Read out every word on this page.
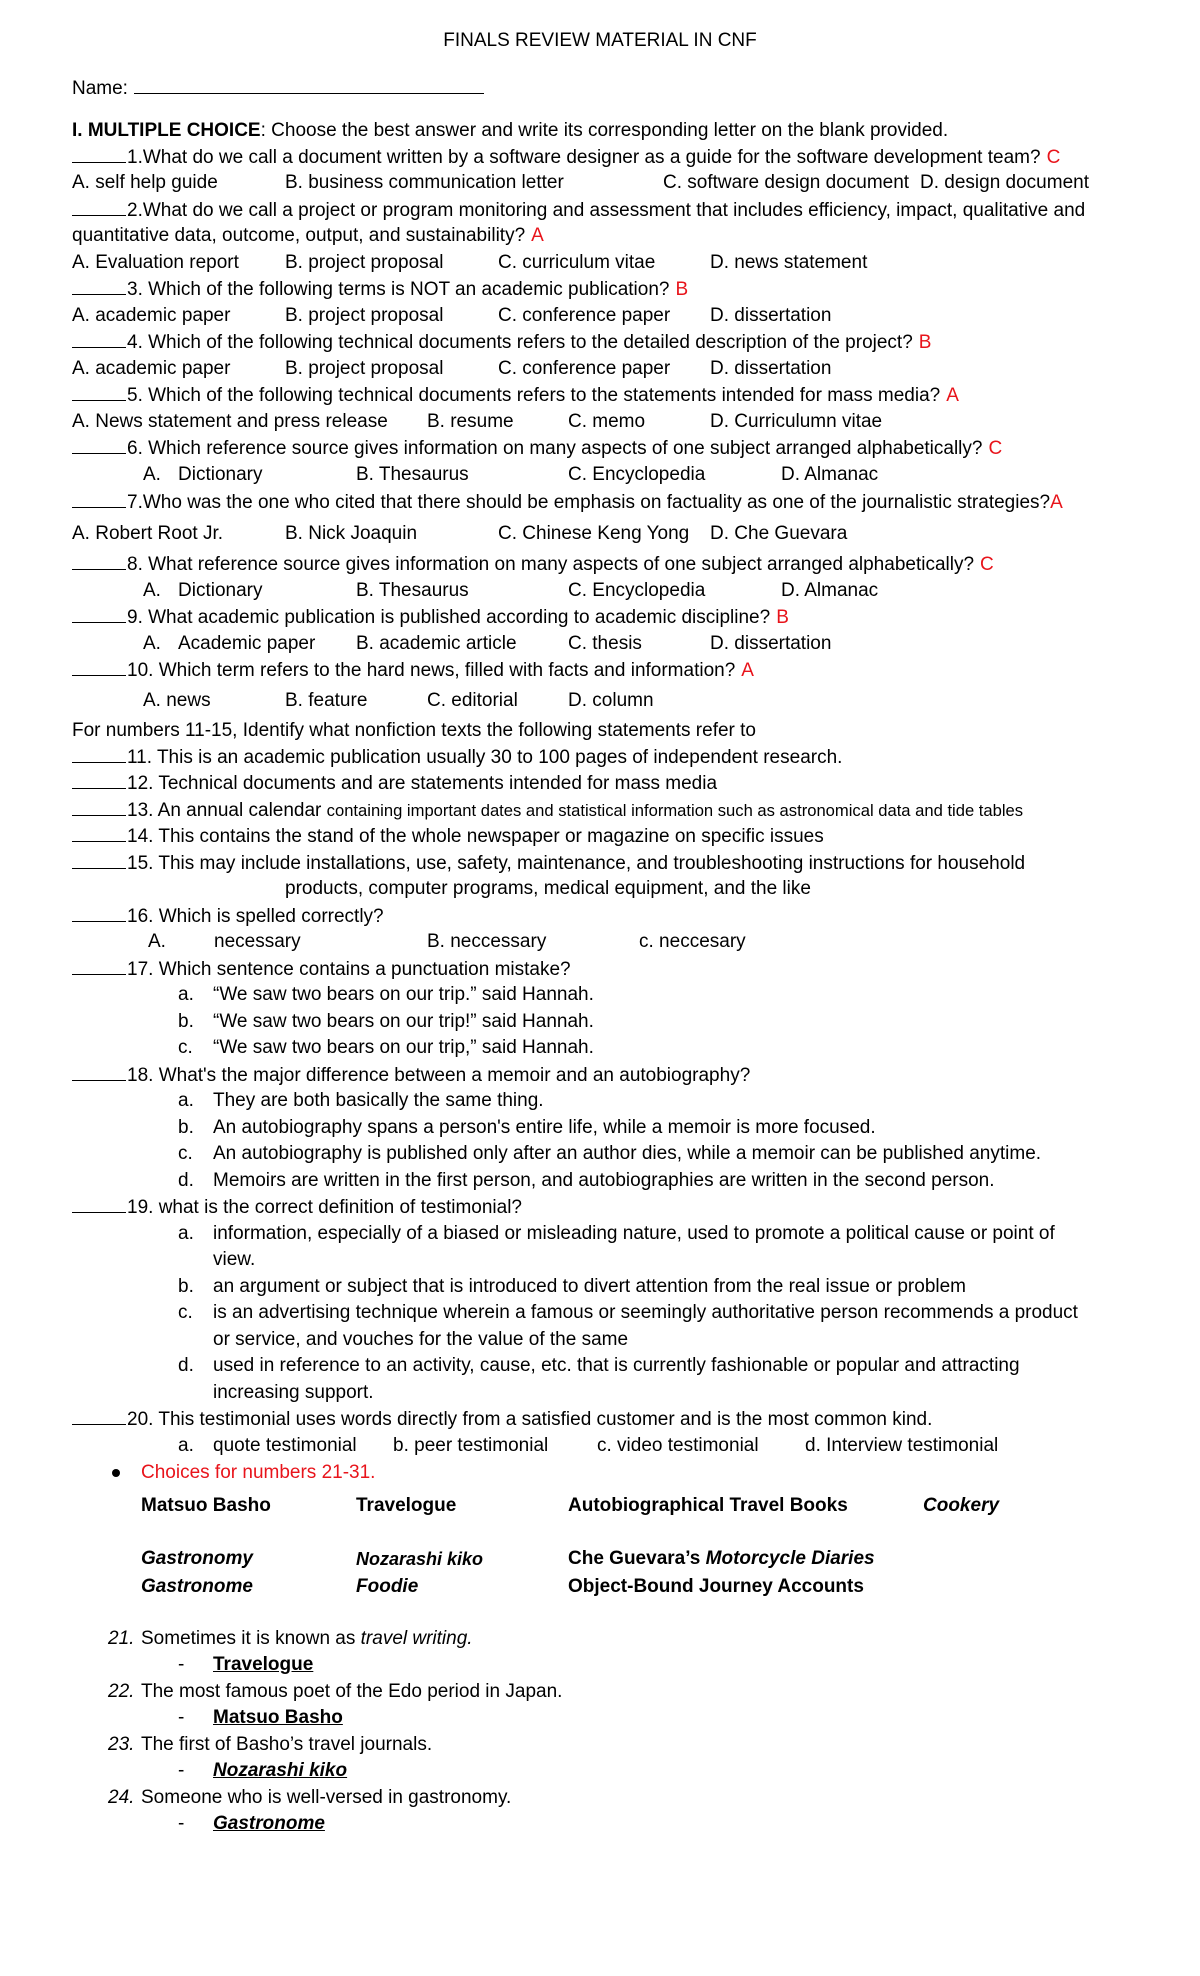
FINALS REVIEW MATERIAL IN CNF
Name:
I. MULTIPLE CHOICE: Choose the best answer and write its corresponding letter on the blank provided.
1.What do we call a document written by a software designer as a guide for the software development team? C
A. self help guide	B. business communication letter	C. software design document D. design document
2.What do we call a project or program monitoring and assessment that includes efficiency, impact, qualitative and
quantitative data, outcome, output, and sustainability? A
A. Evaluation report B. project proposal	C. curriculum vitae	D. news statement
3. Which of the following terms is NOT an academic publication? B
A. academic paper	B. project proposal	C. conference paper D. dissertation
4. Which of the following technical documents refers to the detailed description of the project? B
A. academic paper	B. project proposal	C. conference paper D. dissertation
5. Which of the following technical documents refers to the statements intended for mass media? A
A. News statement and press release B. resume	C. memo	D. Curriculumn vitae
6. Which reference source gives information on many aspects of one subject arranged alphabetically? C
A. Dictionary	B. Thesaurus	C. Encyclopedia	D. Almanac
7.Who was the one who cited that there should be emphasis on factuality as one of the journalistic strategies?A
A. Robert Root Jr.	B. Nick Joaquin	C. Chinese Keng Yong D. Che Guevara
8. What reference source gives information on many aspects of one subject arranged alphabetically? C
A. Dictionary	B. Thesaurus	C. Encyclopedia	D. Almanac
9. What academic publication is published according to academic discipline? B
A. Academic paper B. academic article	C. thesis	D. dissertation
10. Which term refers to the hard news, filled with facts and information? A
A. news	B. feature	C. editorial	D. column
For numbers 11-15, Identify what nonfiction texts the following statements refer to
11. This is an academic publication usually 30 to 100 pages of independent research.
12. Technical documents and are statements intended for mass media
13. An annual calendar containing important dates and statistical information such as astronomical data and tide tables
14. This contains the stand of the whole newspaper or magazine on specific issues
15. This may include installations, use, safety, maintenance, and troubleshooting instructions for household
products, computer programs, medical equipment, and the like
16. Which is spelled correctly?
A.	necessary	B. neccessary	c. neccesary
17. Which sentence contains a punctuation mistake?
a. “We saw two bears on our trip.” said Hannah.
b. “We saw two bears on our trip!” said Hannah.
c. “We saw two bears on our trip,” said Hannah.
18. What's the major difference between a memoir and an autobiography?
a. They are both basically the same thing.
b. An autobiography spans a person's entire life, while a memoir is more focused.
c. An autobiography is published only after an author dies, while a memoir can be published anytime.
d. Memoirs are written in the first person, and autobiographies are written in the second person.
19. what is the correct definition of testimonial?
a. information, especially of a biased or misleading nature, used to promote a political cause or point of
view.
b. an argument or subject that is introduced to divert attention from the real issue or problem
c. is an advertising technique wherein a famous or seemingly authoritative person recommends a product
or service, and vouches for the value of the same
d. used in reference to an activity, cause, etc. that is currently fashionable or popular and attracting
increasing support.
20. This testimonial uses words directly from a satisfied customer and is the most common kind.
a. quote testimonial b. peer testimonial	c. video testimonial d. Interview testimonial
Choices for numbers 21-31.
Matsuo Basho	Travelogue	Autobiographical Travel Books	Cookery
Gastronomy	Nozarashi kiko	Che Guevara’s Motorcycle Diaries
Gastronome	Foodie	Object-Bound Journey Accounts
21. Sometimes it is known as travel writing.
- Travelogue
22. The most famous poet of the Edo period in Japan.
- Matsuo Basho
23. The first of Basho’s travel journals.
- Nozarashi kiko
24. Someone who is well-versed in gastronomy.
- Gastronome
